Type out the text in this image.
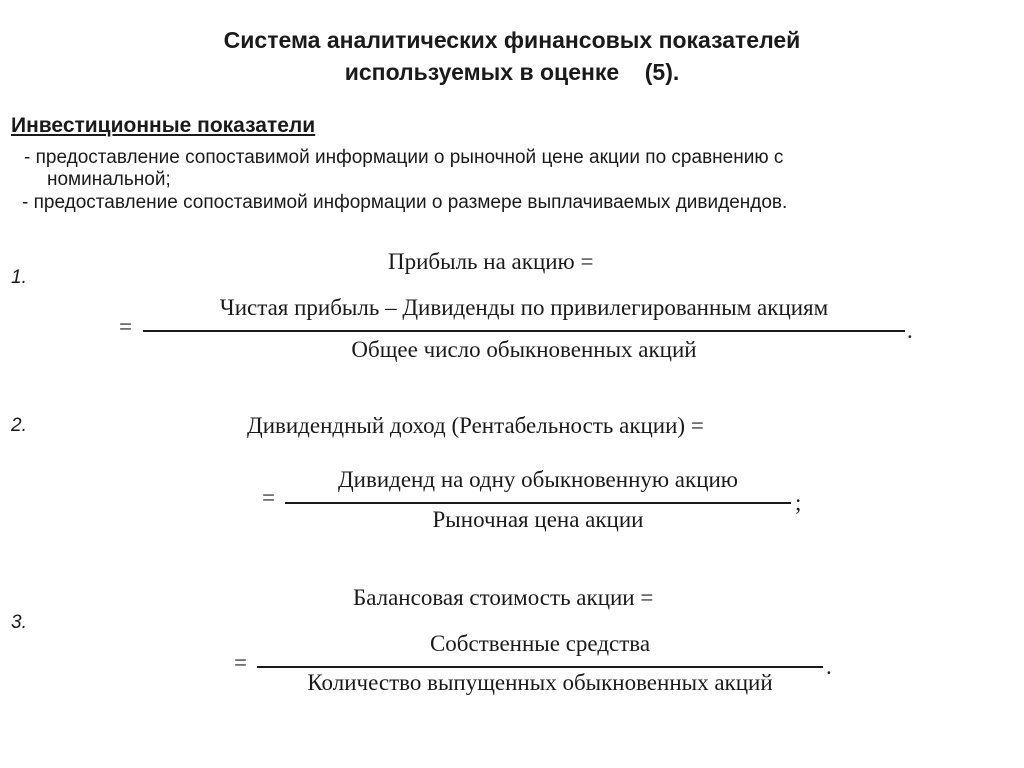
Система аналитических финансовых показателей
используемых в оценке    (5).
Инвестиционные показатели
- предоставление сопоставимой информации о рыночной цене акции по сравнению с
номинальной;
- предоставление сопоставимой информации о размере выплачиваемых дивидендов.
1.
Прибыль на акцию =
=
Чистая прибыль – Дивиденды по привилегированным акциям
Общее число обыкновенных акций
.
2.	Дивидендный доход (Рентабельность акции) =
=
Дивиденд на одну обыкновенную акцию
Рыночная цена акции
;
3.
Балансовая стоимость акции =
=
Собственные средства
Количество выпущенных обыкновенных акций
.
